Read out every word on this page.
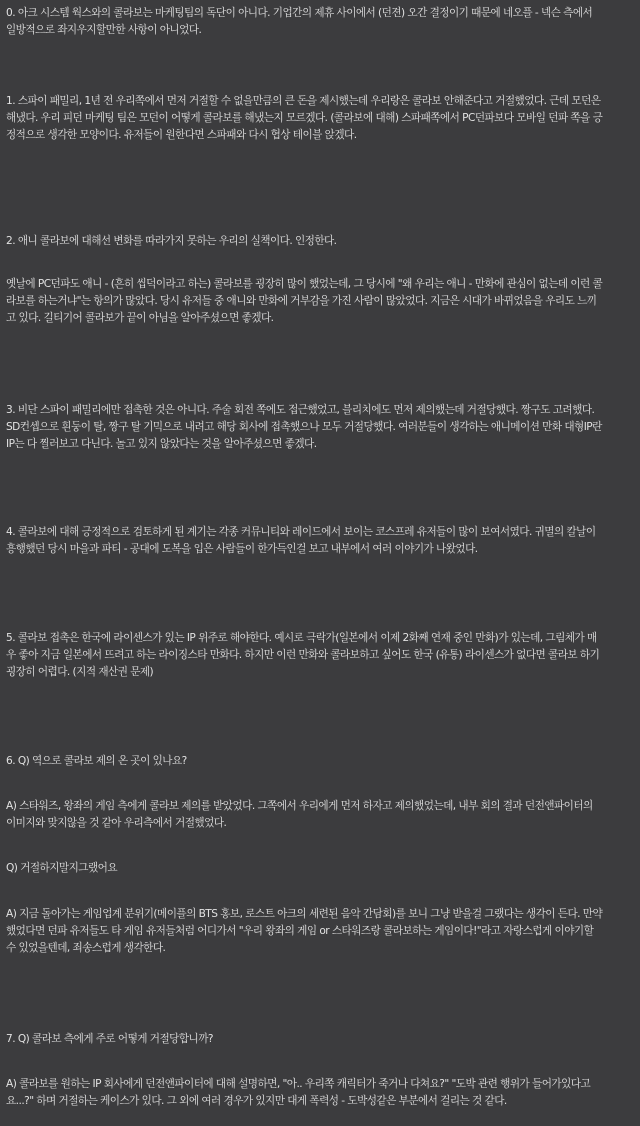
0. 아크 시스템 웍스와의 콜라보는 마케팅팀의 독단이 아니다. 기업간의 제휴 사이에서 (던젼) 오간 결정이기 때문에 네오플 - 넥슨 측에서
일방적으로 좌지우지할만한 사항이 아니었다.

1. 스파이 패밀리, 1년 전 우리쪽에서 먼저 거절할 수 없을만큼의 큰 돈을 제시했는데 우리랑은 콜라보 안해준다고 거절했었다. 근데 모던은
해냈다. 우리 피던 마케팅 팀은 모던이 어떻게 콜라보를 해냈는지 모르겠다. (콜라보에 대해) 스파패쪽에서 PC던파보다 모바일 던파 쪽을 긍
정적으로 생각한 모양이다. 유저들이 원한다면 스파패와 다시 협상 테이블 앉겠다.

2. 애니 콜라보에 대해선 변화를 따라가지 못하는 우리의 실책이다. 인정한다.

옛날에 PC던파도 애니 - (흔히 씹덕이라고 하는) 콜라보를 굉장히 많이 했었는데, 그 당시에 "왜 우리는 애니 - 만화에 관심이 없는데 이런 콜
라보를 하는거냐"는 항의가 많았다. 당시 유저들 중 애니와 만화에 거부감을 가진 사람이 많았었다. 지금은 시대가 바뀌었음을 우리도 느끼
고 있다. 길티기어 콜라보가 끝이 아님을 알아주셨으면 좋겠다.

3. 비단 스파이 패밀리에만 접촉한 것은 아니다. 주술 회전 쪽에도 접근했었고, 블리치에도 먼저 제의했는데 거절당했다. 짱구도 고려했다.
SD컨셉으로 흰둥이 탈, 짱구 탈 기믹으로 내려고 해당 회사에 접촉했으나 모두 거절당했다. 여러분들이 생각하는 애니메이션 만화 대형IP란
IP는 다 찔러보고 다닌다. 놀고 있지 않았다는 것을 알아주셨으면 좋겠다.

4. 콜라보에 대해 긍정적으로 검토하게 된 계기는 각종 커뮤니티와 레이드에서 보이는 코스프레 유저들이 많이 보여서였다. 귀멸의 칼날이
흥행했던 당시 마을과 파티 - 공대에 도복을 입은 사람들이 한가득인걸 보고 내부에서 여러 이야기가 나왔었다.

5. 콜라보 접촉은 한국에 라이센스가 있는 IP 위주로 해야한다. 예시로 극락가(일본에서 이제 2화째 연재 중인 만화)가 있는데, 그림체가 매
우 좋아 지금 일본에서 뜨려고 하는 라이징스타 만화다. 하지만 이런 만화와 콜라보하고 싶어도 한국 (유통) 라이센스가 없다면 콜라보 하기
굉장히 어렵다. (지적 재산권 문제)

6. Q) 역으로 콜라보 제의 온 곳이 있나요?

A) 스타워즈, 왕좌의 게임 측에게 콜라보 제의를 받았었다. 그쪽에서 우리에게 먼저 하자고 제의했었는데, 내부 회의 결과 던전앤파이터의
이미지와 맞지않을 것 같아 우리측에서 거절했었다.

Q) 거절하지말지그랬어요

A) 지금 돌아가는 게임업계 분위기(메이플의 BTS 홍보, 로스트 아크의 세련된 음악 간담회)를 보니 그냥 받을걸 그랬다는 생각이 든다. 만약
했었다면 던파 유저들도 타 게임 유저들처럼 어디가서 "우리 왕좌의 게임 or 스타워즈랑 콜라보하는 게임이다!"라고 자랑스럽게 이야기할
수 있었을텐데, 죄송스럽게 생각한다.

7. Q) 콜라보 측에게 주로 어떻게 거절당합니까?

A) 콜라보를 원하는 IP 회사에게 던전앤파이터에 대해 설명하면, "아.. 우리쪽 캐릭터가 죽거나 다쳐요?" "도박 관련 행위가 들어가있다고
요...?" 하며 거절하는 케이스가 있다. 그 외에 여러 경우가 있지만 대게 폭력성 - 도박성같은 부분에서 걸리는 것 같다.
